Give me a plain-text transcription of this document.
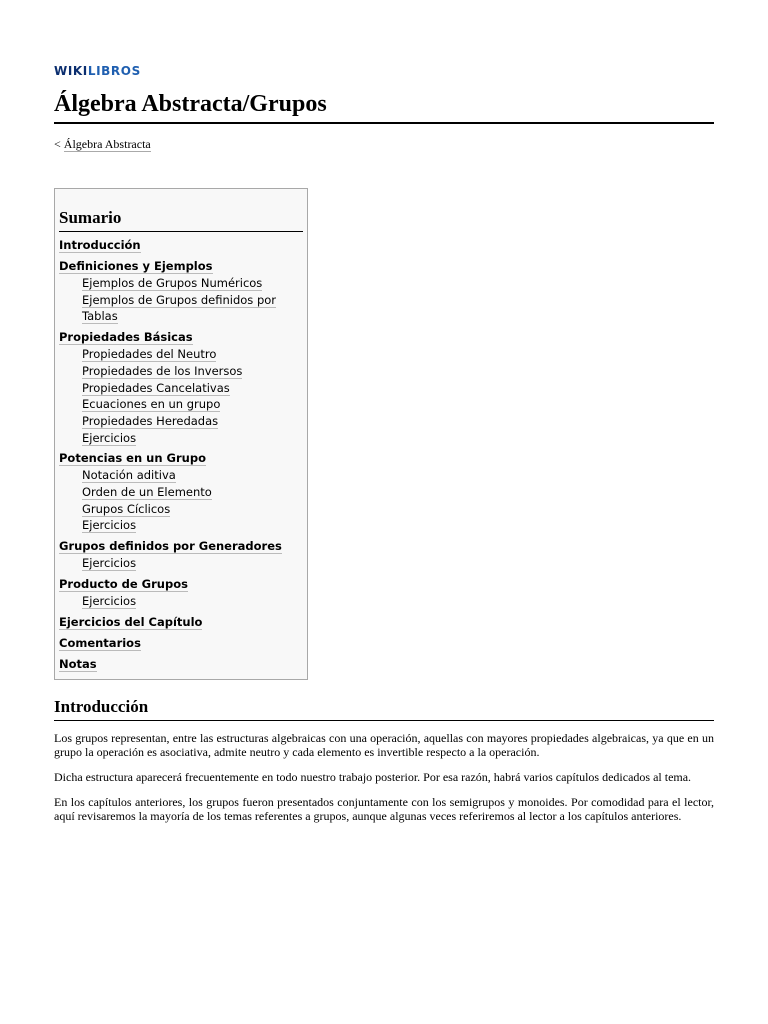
WIKILIBROS
Álgebra Abstracta/Grupos
< Álgebra Abstracta
Sumario
Introducción
Definiciones y Ejemplos
Ejemplos de Grupos Numéricos
Ejemplos de Grupos definidos por Tablas
Propiedades Básicas
Propiedades del Neutro
Propiedades de los Inversos
Propiedades Cancelativas
Ecuaciones en un grupo
Propiedades Heredadas
Ejercicios
Potencias en un Grupo
Notación aditiva
Orden de un Elemento
Grupos Cíclicos
Ejercicios
Grupos definidos por Generadores
Ejercicios
Producto de Grupos
Ejercicios
Ejercicios del Capítulo
Comentarios
Notas
Introducción

Los grupos representan, entre las estructuras algebraicas con una operación, aquellas con mayores propiedades algebraicas, ya que en un grupo la operación es asociativa, admite neutro y cada elemento es invertible respecto a la operación.

Dicha estructura aparecerá frecuentemente en todo nuestro trabajo posterior. Por esa razón, habrá varios capítulos dedicados al tema.

En los capítulos anteriores, los grupos fueron presentados conjuntamente con los semigrupos y monoides. Por comodidad para el lector, aquí revisaremos la mayoría de los temas referentes a grupos, aunque algunas veces referiremos al lector a los capítulos anteriores.
